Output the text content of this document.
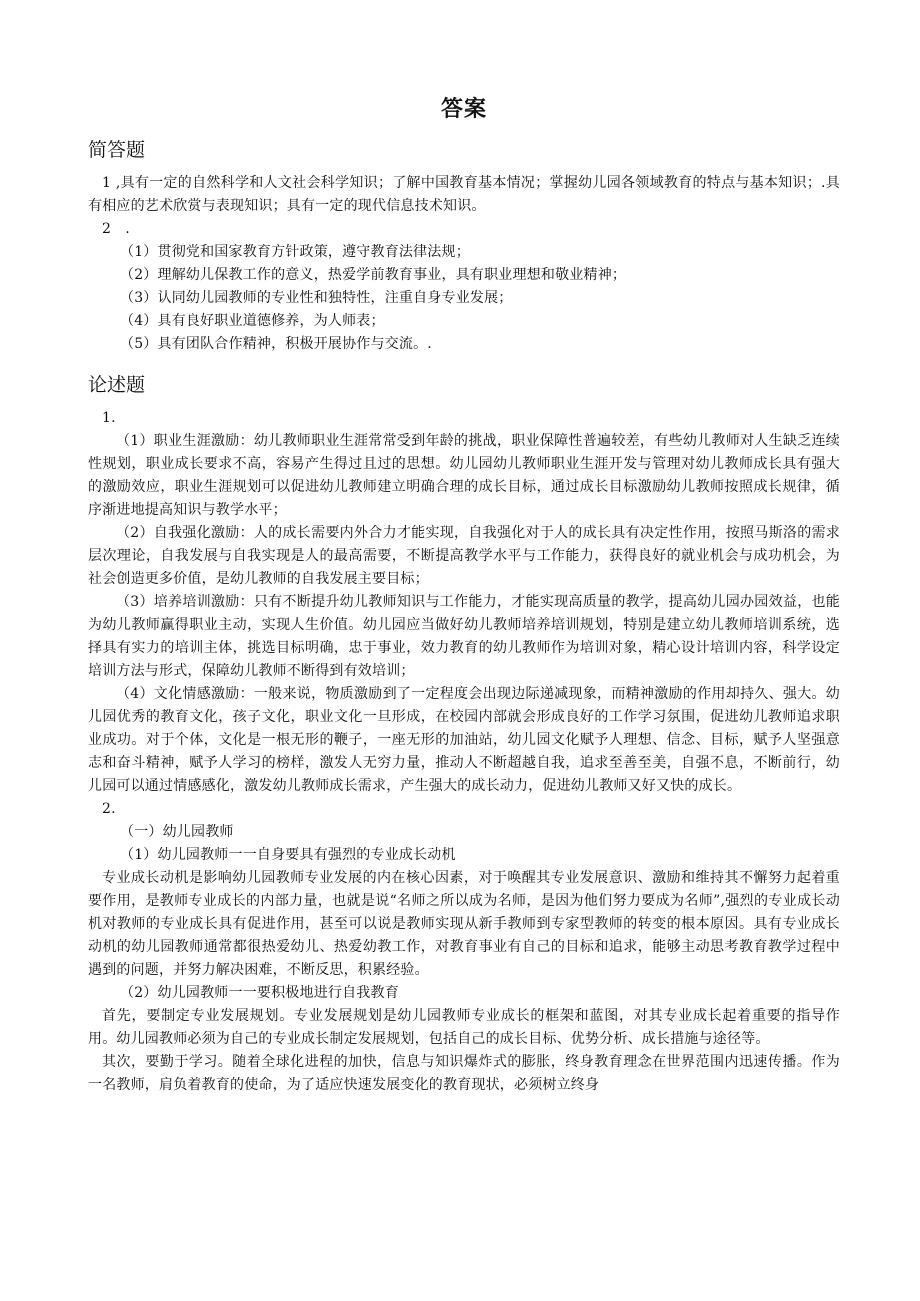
答案
简答题

1 ,具有一定的自然科学和人文社会科学知识；了解中国教育基本情况；掌握幼儿园各领域教育的特点与基本知识；.具有相应的艺术欣赏与表现知识；具有一定的现代信息技术知识。

2　.

（1）贯彻党和国家教育方针政策，遵守教育法律法规；

（2）理解幼儿保教工作的意义，热爱学前教育事业，具有职业理想和敬业精神；

（3）认同幼儿园教师的专业性和独特性，注重自身专业发展；

（4）具有良好职业道德修养，为人师表；

（5）具有团队合作精神，积极开展协作与交流。.

论述题

1.

（1）职业生涯激励：幼儿教师职业生涯常常受到年龄的挑战，职业保障性普遍较差，有些幼儿教师对人生缺乏连续性规划，职业成长要求不高，容易产生得过且过的思想。幼儿园幼儿教师职业生涯开发与管理对幼儿教师成长具有强大的激励效应，职业生涯规划可以促进幼儿教师建立明确合理的成长目标，通过成长目标激励幼儿教师按照成长规律，循序渐进地提高知识与教学水平；

（2）自我强化激励：人的成长需要内外合力才能实现，自我强化对于人的成长具有决定性作用，按照马斯洛的需求层次理论，自我发展与自我实现是人的最高需要，不断提高教学水平与工作能力，获得良好的就业机会与成功机会，为社会创造更多价值，是幼儿教师的自我发展主要目标；

（3）培养培训激励：只有不断提升幼儿教师知识与工作能力，才能实现高质量的教学，提高幼儿园办园效益，也能为幼儿教师赢得职业主动，实现人生价值。幼儿园应当做好幼儿教师培养培训规划，特别是建立幼儿教师培训系统，选择具有实力的培训主体，挑选目标明确，忠于事业，效力教育的幼儿教师作为培训对象，精心设计培训内容，科学设定培训方法与形式，保障幼儿教师不断得到有效培训；

（4）文化情感激励：一般来说，物质激励到了一定程度会出现边际递减现象，而精神激励的作用却持久、强大。幼儿园优秀的教育文化，孩子文化，职业文化一旦形成，在校园内部就会形成良好的工作学习氛围，促进幼儿教师追求职业成功。对于个体，文化是一根无形的鞭子，一座无形的加油站，幼儿园文化赋予人理想、信念、目标，赋予人坚强意志和奋斗精神，赋予人学习的榜样，激发人无穷力量，推动人不断超越自我，追求至善至美，自强不息，不断前行，幼儿园可以通过情感感化，激发幼儿教师成长需求，产生强大的成长动力，促进幼儿教师又好又快的成长。

2.

（一）幼儿园教师

（1）幼儿园教师一一自身要具有强烈的专业成长动机

专业成长动机是影响幼儿园教师专业发展的内在核心因素，对于唤醒其专业发展意识、激励和维持其不懈努力起着重要作用，是教师专业成长的内部力量，也就是说“名师之所以成为名师，是因为他们努力要成为名师”,强烈的专业成长动机对教师的专业成长具有促进作用，甚至可以说是教师实现从新手教师到专家型教师的转变的根本原因。具有专业成长动机的幼儿园教师通常都很热爱幼儿、热爱幼教工作，对教育事业有自己的目标和追求，能够主动思考教育教学过程中遇到的问题，并努力解决困难，不断反思，积累经验。

（2）幼儿园教师一一要积极地进行自我教育

首先，要制定专业发展规划。专业发展规划是幼儿园教师专业成长的框架和蓝图，对其专业成长起着重要的指导作用。幼儿园教师必须为自己的专业成长制定发展规划，包括自己的成长目标、优势分析、成长措施与途径等。

其次，要勤于学习。随着全球化进程的加快，信息与知识爆炸式的膨胀，终身教育理念在世界范围内迅速传播。作为一名教师，肩负着教育的使命，为了适应快速发展变化的教育现状，必须树立终身
